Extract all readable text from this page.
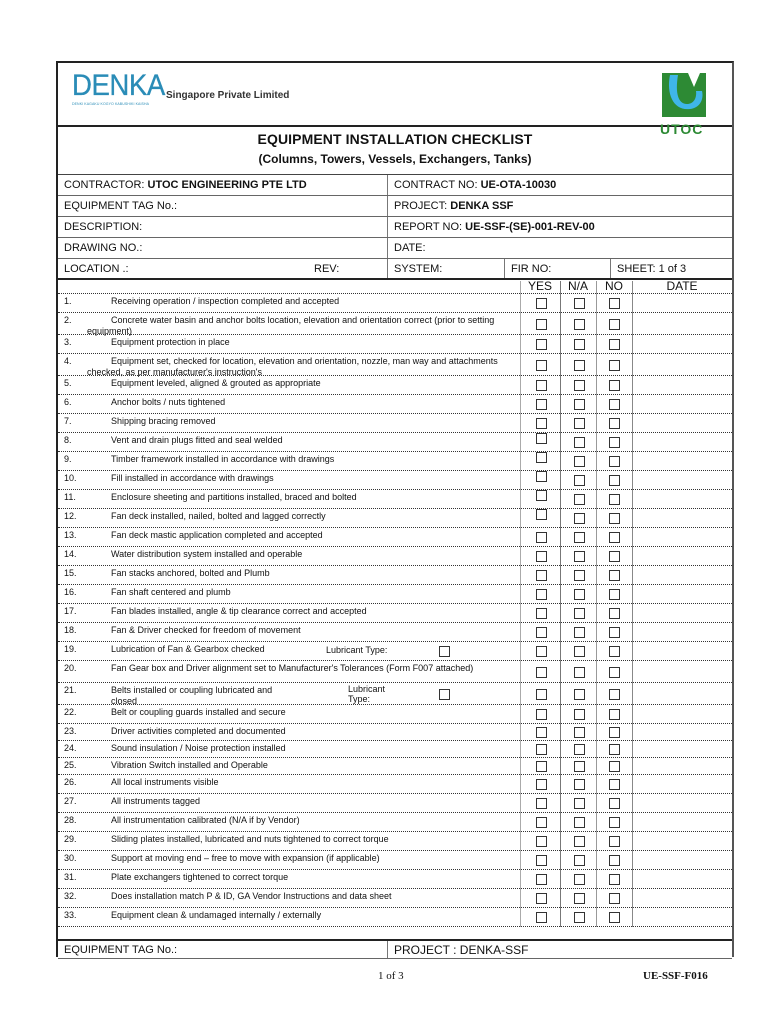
DENKA
DENKI KAGAKU KOGYO KABUSHIKI KAISHA
Singapore Private Limited
UTOC
EQUIPMENT INSTALLATION CHECKLIST
(Columns, Towers, Vessels, Exchangers, Tanks)
CONTRACTOR: UTOC ENGINEERING PTE LTD	CONTRACT NO: UE-OTA-10030
EQUIPMENT TAG No.:	PROJECT: DENKA SSF
DESCRIPTION:	REPORT NO: UE-SSF-(SE)-001-REV-00
DRAWING NO.:	DATE:
LOCATION .:	REV:	SYSTEM:	FIR NO:	SHEET: 1 of 3
YES	N/A	NO	DATE
1.	Receiving operation / inspection completed and accepted
2.	Concrete water basin and anchor bolts location, elevation and orientation correct (prior to setting equipment)
3.	Equipment protection in place
4.	Equipment set, checked for location, elevation and orientation, nozzle, man way and attachments checked, as per manufacturer's instruction's
5.	Equipment leveled, aligned & grouted as appropriate
6.	Anchor bolts / nuts tightened
7.	Shipping bracing removed
8.	Vent and drain plugs fitted and seal welded
9.	Timber framework installed in accordance with drawings
10.	Fill installed in accordance with drawings
11.	Enclosure sheeting and partitions installed, braced and bolted
12.	Fan deck installed, nailed, bolted and lagged correctly
13.	Fan deck mastic application completed and accepted
14.	Water distribution system installed and operable
15.	Fan stacks anchored, bolted and Plumb
16.	Fan shaft centered and plumb
17.	Fan blades installed, angle & tip clearance correct and accepted
18.	Fan & Driver checked for freedom of movement
19.	Lubrication of Fan & Gearbox checked	Lubricant Type:
20.	Fan Gear box and Driver alignment set to Manufacturer's Tolerances (Form F007 attached)
21.	Belts installed or coupling lubricated and closed
Lubricant Type:
22.	Belt or coupling guards installed and secure
23.	Driver activities completed and documented
24.	Sound insulation / Noise protection installed
25.	Vibration Switch installed and Operable
26.	All local instruments visible
27.	All instruments tagged
28.	All instrumentation calibrated (N/A if by Vendor)
29.	Sliding plates installed, lubricated and nuts tightened to correct torque
30.	Support at moving end – free to move with expansion (if applicable)
31.	Plate exchangers tightened to correct torque
32.	Does installation match P & ID, GA Vendor Instructions and data sheet
33.	Equipment clean & undamaged internally / externally
EQUIPMENT TAG No.:	PROJECT : DENKA-SSF
1 of 3	UE-SSF-F016
